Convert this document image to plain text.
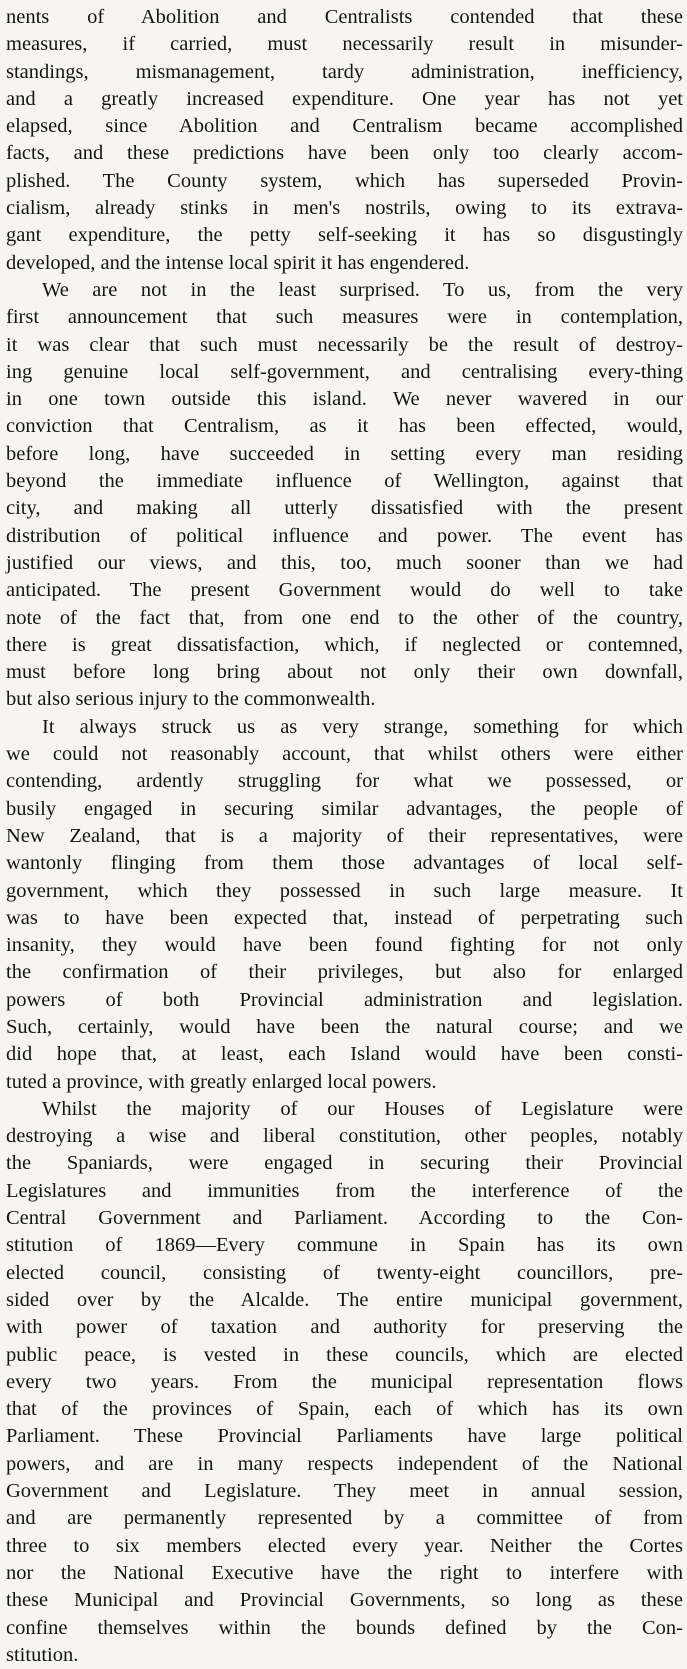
nents of Abolition and Centralists contended that these
measures, if carried, must necessarily result in misunder-
standings, mismanagement, tardy administration, inefficiency,
and a greatly increased expenditure. One year has not yet
elapsed, since Abolition and Centralism became accomplished
facts, and these predictions have been only too clearly accom-
plished. The County system, which has superseded Provin-
cialism, already stinks in men's nostrils, owing to its extrava-
gant expenditure, the petty self-seeking it has so disgustingly
developed, and the intense local spirit it has engendered.
We are not in the least surprised. To us, from the very
first announcement that such measures were in contemplation,
it was clear that such must necessarily be the result of destroy-
ing genuine local self-government, and centralising every-thing
in one town outside this island. We never wavered in our
conviction that Centralism, as it has been effected, would,
before long, have succeeded in setting every man residing
beyond the immediate influence of Wellington, against that
city, and making all utterly dissatisfied with the present
distribution of political influence and power. The event has
justified our views, and this, too, much sooner than we had
anticipated. The present Government would do well to take
note of the fact that, from one end to the other of the country,
there is great dissatisfaction, which, if neglected or contemned,
must before long bring about not only their own downfall,
but also serious injury to the commonwealth.
It always struck us as very strange, something for which
we could not reasonably account, that whilst others were either
contending, ardently struggling for what we possessed, or
busily engaged in securing similar advantages, the people of
New Zealand, that is a majority of their representatives, were
wantonly flinging from them those advantages of local self-
government, which they possessed in such large measure. It
was to have been expected that, instead of perpetrating such
insanity, they would have been found fighting for not only
the confirmation of their privileges, but also for enlarged
powers of both Provincial administration and legislation.
Such, certainly, would have been the natural course; and we
did hope that, at least, each Island would have been consti-
tuted a province, with greatly enlarged local powers.
Whilst the majority of our Houses of Legislature were
destroying a wise and liberal constitution, other peoples, notably
the Spaniards, were engaged in securing their Provincial
Legislatures and immunities from the interference of the
Central Government and Parliament. According to the Con-
stitution of 1869—Every commune in Spain has its own
elected council, consisting of twenty-eight councillors, pre-
sided over by the Alcalde. The entire municipal government,
with power of taxation and authority for preserving the
public peace, is vested in these councils, which are elected
every two years. From the municipal representation flows
that of the provinces of Spain, each of which has its own
Parliament. These Provincial Parliaments have large political
powers, and are in many respects independent of the National
Government and Legislature. They meet in annual session,
and are permanently represented by a committee of from
three to six members elected every year. Neither the Cortes
nor the National Executive have the right to interfere with
these Municipal and Provincial Governments, so long as these
confine themselves within the bounds defined by the Con-
stitution.
